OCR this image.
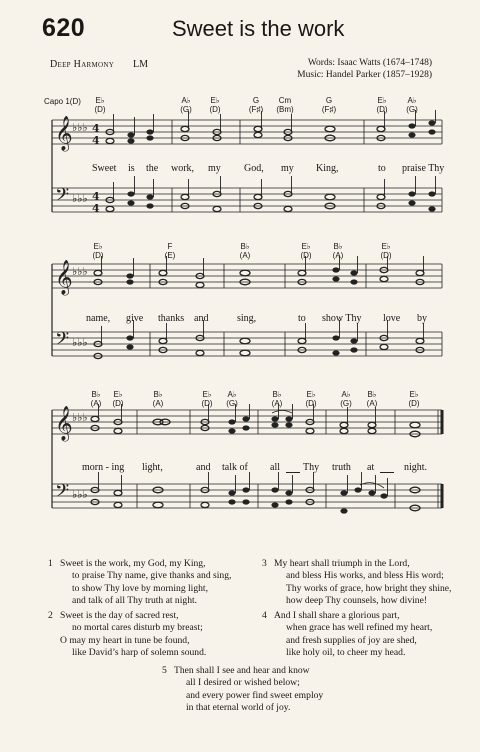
620	Sweet is the work
Deep Harmony LM	Words: Isaac Watts (1674–1748)
Music: Handel Parker (1857–1928)
Capo 1(D)	E♭
(D)
A♭
(G)
E♭
(D)
G
(F♯)
Cm
(Bm)
G
(F♯)
E♭
(D)
A♭
(G)
𝄞
𝄢
♭♭♭
♭♭♭
4
4
4
4
Sweet is the work, my God, my King,	to praise Thy
E♭
(D)
F
(E)
B♭
(A)
E♭
(D)
B♭
(A)
E♭
(D)
𝄞
𝄢
♭♭♭
♭♭♭
name, give thanks and	sing,	to show Thy love by
B♭
(A)
E♭
(D)
B♭
(A)
E♭
(D)
A♭
(G)
B♭
(A)
E♭
(D)
A♭
(G)
B♭
(A)
E♭
(D)
𝄞
𝄢
♭♭♭
♭♭♭
morn - ing light,	and talk of all Thy truth at	night.
1 Sweet is the work, my God, my King,
to praise Thy name, give thanks and sing,
to show Thy love by morning light,
and talk of all Thy truth at night.
2 Sweet is the day of sacred rest,
no mortal cares disturb my breast;
O may my heart in tune be found,
like David’s harp of solemn sound.
3 My heart shall triumph in the Lord,
and bless His works, and bless His word;
Thy works of grace, how bright they shine,
how deep Thy counsels, how divine!
4 And I shall share a glorious part,
when grace has well refined my heart,
and fresh supplies of joy are shed,
like holy oil, to cheer my head.
5 Then shall I see and hear and know
all I desired or wished below;
and every power find sweet employ
in that eternal world of joy.
